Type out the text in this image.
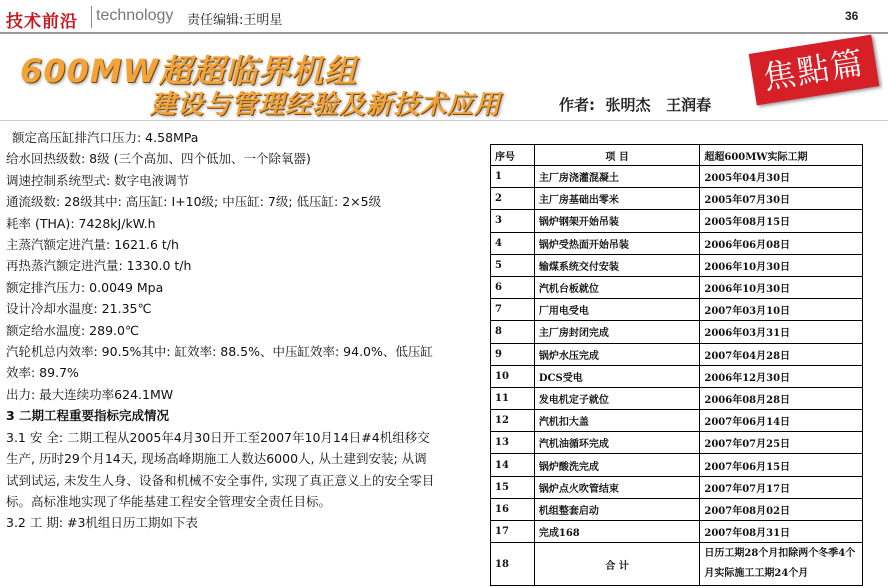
技术前沿 technology 责任编辑:王明星	36
600MW超超临界机组
建设与管理经验及新技术应用	作者:  张明杰   王润春
焦點篇

额定高压缸排汽口压力: 4.58MPa

给水回热级数: 8级 (三个高加、四个低加、一个除氧器)

调速控制系统型式: 数字电液调节

通流级数: 28级其中: 高压缸: I+10级; 中压缸: 7级; 低压缸: 2×5级

耗率 (THA): 7428kJ/kW.h

主蒸汽额定进汽量: 1621.6 t/h

再热蒸汽额定进汽量: 1330.0 t/h

额定排汽压力: 0.0049 Mpa

设计冷却水温度: 21.35℃

额定给水温度: 289.0℃

汽轮机总内效率: 90.5%其中: 缸效率: 88.5%、中压缸效率: 94.0%、低压缸效率: 89.7%

出力: 最大连续功率624.1MW

3 二期工程重要指标完成情况

3.1 安 全: 二期工程从2005年4月30日开工至2007年10月14日#4机组移交生产, 历时29个月14天, 现场高峰期施工人数达6000人, 从土建到安装; 从调试到试运, 未发生人身、设备和机械不安全事件, 实现了真正意义上的安全零目标。高标准地实现了华能基建工程安全管理安全责任目标。

3.2 工 期: #3机组日历工期如下表

序号	项 目	超超600MW实际工期
1	主厂房浇灌混凝土	2005年04月30日
2	主厂房基础出零米	2005年07月30日
3	锅炉钢架开始吊装	2005年08月15日
4	锅炉受热面开始吊装	2006年06月08日
5	输煤系统交付安装	2006年10月30日
6	汽机台板就位	2006年10月30日
7	厂用电受电	2007年03月10日
8	主厂房封闭完成	2006年03月31日
9	锅炉水压完成	2007年04月28日
10	DCS受电	2006年12月30日
11	发电机定子就位	2006年08月28日
12	汽机扣大盖	2007年06月14日
13	汽机油循环完成	2007年07月25日
14	锅炉酸洗完成	2007年06月15日
15	锅炉点火吹管结束	2007年07月17日
16	机组整套启动	2007年08月02日
17	完成168	2007年08月31日
18	合 计	日历工期28个月扣除两个冬季4个月实际施工工期24个月
